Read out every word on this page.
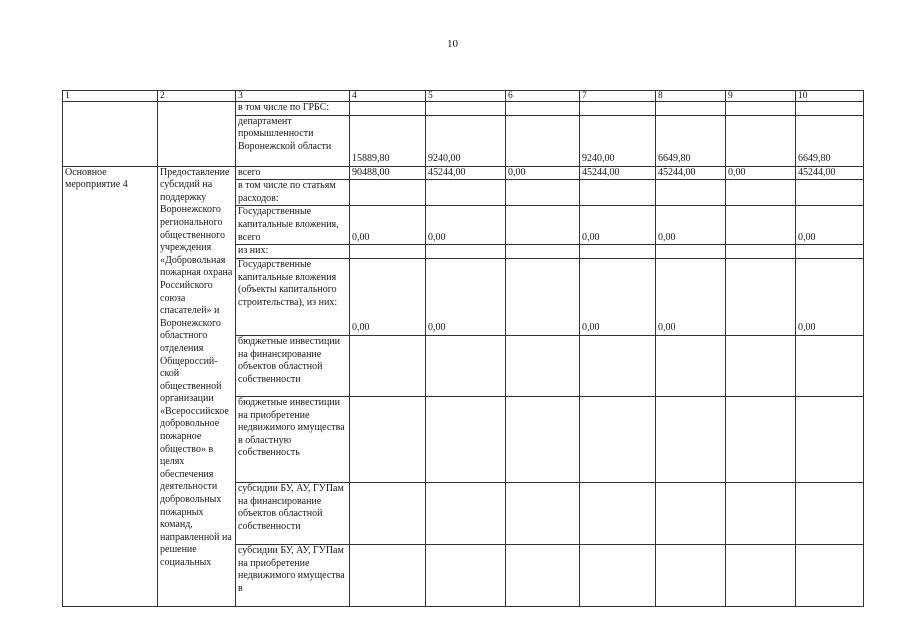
10
1	2	3	4	5	6	7	8	9	10
		в том числе по ГРБС:							
		департамент промышленности Воронежской области	15889,80	9240,00		9240,00	6649,80		6649,80
Основное мероприятие 4	Предоставление субсидий на поддержку Воронежского регионального общественного учреждения «Добровольная пожарная охрана Российского союза спасателей» и Воронежского областного отделения Общероссий-ской общественной организации «Всероссийское добровольное пожарное общество» в целях обеспечения деятельности добровольных пожарных команд, направленной на решение социальных	всего	90488,00	45244,00	0,00	45244,00	45244,00	0,00	45244,00
		в том числе по статьям расходов:							
		Государственные капитальные вложения, всего	0,00	0,00		0,00	0,00		0,00
		из них:							
		Государственные капитальные вложения (объекты капитального строительства), из них:	0,00	0,00		0,00	0,00		0,00
		бюджетные инвестиции на финансирование объектов областной собственности							
		бюджетные инвестиции на приобретение недвижимого имущества в областную собственность							
		субсидии БУ, АУ, ГУПам на финансирование объектов областной собственности							
		субсидии БУ, АУ, ГУПам на приобретение недвижимого имущества в							
